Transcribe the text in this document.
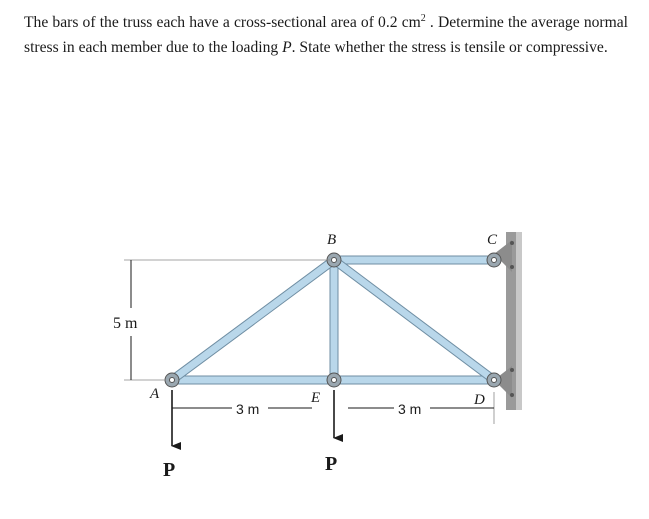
The bars of the truss each have a cross-sectional area of 0.2 $cm^2$ . Determine the average normal stress in each member due to the loading P. State whether the stress is tensile or compressive.

5 m
3 m	3 m
P	P
A
B	C
D
E
